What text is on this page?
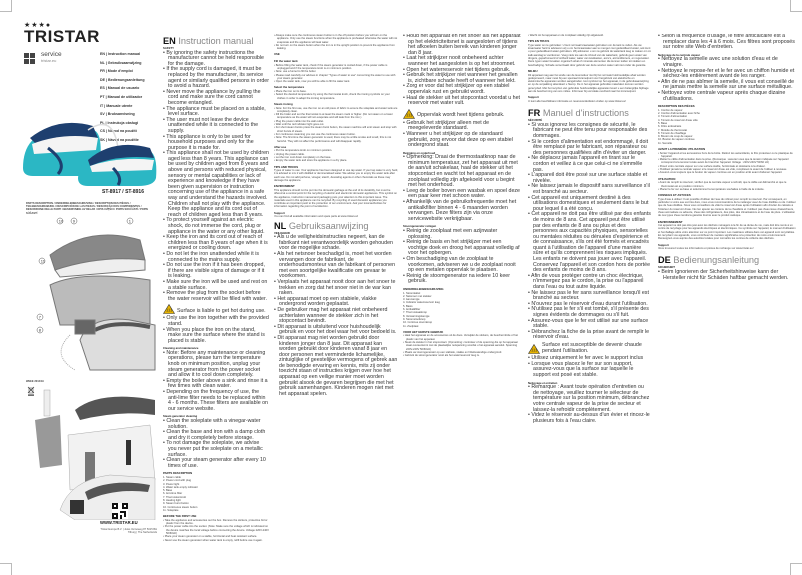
★★★●
TRISTAR
service
tristar.eu
EN | Instruction manual
NL | Gebruiksaanwijzing
FR | Mode d'emploi
DE | Bedienungsanleitung
ES | Manual de usuario
PT | Manual de utilizador
IT | Manuale utente
SV | Bruksanvisning
PL | Instrukcja obsługi
CS | Návod na použití
SK | Návod na použitie
ST-8917 / ST-8916
PARTS DESCRIPTION / ONDERDELENBESCHRIJVING / DESCRIPTION DES PIÈCES / TEILEBESCHREIBUNG / DESCRIPCIÓN DE LAS PIEZAS / DESCRIÇÃO DOS COMPONENTES / DESCRIZIONE DELLE PARTI / BESKRIVNING AV DELAR / OPIS CZĘŚCI / POPIS SOUČÁSTÍ / POPIS SÚČASTÍ
10 9	1
11
7
8
WEEE 2012/19
WWW.TRISTAR.EU
Tristar Europe B.V. | Jules Verneweg 87 5015 BH Tilburg | The Netherlands
EN Instruction manual
SAFETY
• By ignoring the safety instructions the manufacturer cannot be held responsible for the damage.
• If the supply cord is damaged, it must be replaced by the manufacturer, its service agent or similarly qualified persons in order to avoid a hazard.
• Never move the appliance by pulling the cord and make sure the cord cannot become entangled.
• The appliance must be placed on a stable, level surface.
• The user must not leave the device unattended while it is connected to the supply.
• This appliance is only to be used for household purposes and only for the purpose it is made for.
• This appliance shall not be used by children aged less than 8 years. This appliance can be used by children aged from 8 years and above and persons with reduced physical, sensory or mental capabilities or lack of experience and knowledge if they have been given supervision or instruction concerning use of the appliance in a safe way and understand the hazards involved. Children shall not play with the appliance. Keep the appliance and its cord out of reach of children aged less than 8 years.
• To protect yourself against an electric shock, do not immerse the cord, plug or appliance in the water or any other liquid.
• Keep the iron and its cord out of reach of children less than 8 years of age when it is energized or cooling down.
• Do not let the iron unattended while it is connected to the mains supply.
• Do not use the iron if it has been dropped, if there are visible signs of damage or if it is leaking.
• Make sure the iron will be used and rest on a stable surface.
• Remove the plug from the socket before the water reservoir will be filled with water.
Surface is liable to get hot during use.
• Only use the iron together with the provided stand.
• When you place the iron on the stand, make sure the surface where the stand is placed is stable.
Cleaning and maintenance
• Note: Before any maintenance or cleaning operations, please turn the temperature knob on minimum position, unplug your steam generator from the power socket and allow it to cool down completely.
• Empty the boiler above a sink and rinse it a few times with clean water.
• Depending on the frequency of use, the anti-lime filter needs to be replaced within 4 - 6 months. These filters are available on our service website.
Steam generator cleaning
• Clean the soleplate with a vinegar-water solution.
• Clean the base and iron with a damp cloth and dry it completely before storage.
• To not damage the soleplate, we advise you never put the soleplate on a metallic surface.
• Clean your steam generator after every 10 times of use.
PARTS DESCRIPTION
1. Steam cable
2. Power cord with plug
3. Power light
4. Water tank empty indicator
5. Base
6. Anti-lime filter
7. Thermostat knob
8. Heating light
9. Steam burst button
10. Continuous steam button
11. Soleplate
BEFORE THE FIRST USE
• Take the appliance and accessories out the box. Remove the stickers, protective foil or plastic from the device.
• Put the power cable into the socket. (Note: Make sure the voltage which is indicated on the device matches the local voltage before connecting the device. Voltage 220V-240V 50/60Hz)
• Place your steam generator on a stable, horizontal and heat resistant surface.
• Never use the steam generator when water tank is empty, refill before use it again.
• Always make sure the continuous steam button is in the off position before you will turn on the appliance. Only use the steam functions when the appliance is preheated otherwise the water will not evaporate and the appliance will leak water.
• Do not turn on the steam button when the iron is in the upright position to prevent the appliance from leaking.
USE
Fill the water tank
• Before filling the water tank, check if the steam generator is cooled down, if the power cable is unplugged and if the temperature knob is on minimum position.
• Note: use a funnel to fill the boiler.
• Please read carefully our advises in chapter "Types of water to use" concerning the water to use with your steam generator.
• Open the water tank, now you will be able to fill the water tank.
Select the temperature
• Place the iron on its base.
• Select the desired temperature by using the thermostat knob, check the ironing symbols on your clothes in order to adapt the ironing temperature.
Steam ironing
• Note: For the first use, use the iron on an old piece of fabric to ensure the soleplate and water tank are completely clean.
• Fill the boiler and set the thermostat to at least the steam mark or higher. (Do not steam on a lower temperature as the water will not evaporate and will leak from the iron.)
• Plug the power cable into the wall outlet.
• Wait until the red indicator light goes out.
• For short steam bursts press the steam burst button, the steam machine will emit steam and stop with short bursts of steam.
• For continuous steaming you can use the continuous steam button.
• Note: The first time the steam generator is used, there may be a little smoke and smell, this is not harmful. They will not affect the performance and will disappear rapidly.
After use
• Put the temperature knob on minimum position.
• Unplug the power cable.
• Let the iron cool down completely on the base.
• Empty the water tank and store the appliance in a dry place.
TIPS AND TRICKS
Types of water to use: Your appliance has been designed to use tap water. If your tap water is very hard, it is advised to mix it with distilled or demineralised water. We advise you to empty the water tank after each use. Do not add perfume, vinegar, starch, descaling agents or other chemicals as these may damage the appliance.
ENVIRONMENT
This appliance should not be put into the domestic garbage at the end of its durability, but must be offered at a central point for the recycling of electric and electronic domestic appliances. This symbol on the appliance, instruction manual and packaging puts your attention to this important issue. The materials used in this appliance can be recycled. By recycling of used domestic appliances you contribute an important push to the protection of our environment. Ask your local authorities for information regarding the point of recollection.
Support
You can find all available information and spare parts at www.tristar.eu!
NL Gebruiksaanwijzing
VEILIGHEID
• Als u de veiligheidsinstructies negeert, kan de fabrikant niet verantwoordelijk worden gehouden voor de mogelijke schade.
• Als het netsnoer beschadigd is, moet het worden vervangen door de fabrikant, de onderhoudsmonteur van de fabrikant of personen met een soortgelijke kwalificatie om gevaar te voorkomen.
• Verplaats het apparaat nooit door aan het snoer te trekken en zorg dat het snoer niet in de war kan raken.
• Het apparaat moet op een stabiele, vlakke ondergrond worden geplaatst.
• De gebruiker mag het apparaat niet onbeheerd achterlaten wanneer de stekker zich in het stopcontact bevindt.
• Dit apparaat is uitsluitend voor huishoudelijk gebruik en voor het doel waar het voor bedoeld is.
• Dit apparaat mag niet worden gebruikt door kinderen jonger dan 8 jaar. Dit apparaat kan worden gebruikt door kinderen vanaf 8 jaar en door personen met verminderde lichamelijke, zintuiglijke of geestelijke vermogens of gebrek aan de benodigde ervaring en kennis, mits zij onder toezicht staan of instructies krijgen over hoe het apparaat op een veilige manier moet worden gebruikt alsook de gevaren begrijpen die met het gebruik samenhangen. Kinderen mogen niet met het apparaat spelen.
• Houd het apparaat en het snoer als het apparaat op het elektriciteitsnet is aangesloten of tijdens het afkoelen buiten bereik van kinderen jonger dan 8 jaar.
• Laat het strijkijzer nooit onbeheerd achter wanneer het aangesloten is op het stroomnet.
• Open het waterreservoir niet tijdens gebruik.
• Gebruik het strijkijzer niet wanneer het gevallen is, zichtbare schade heeft of wanneer het lekt.
• Zorg er voor dat het strijkijzer op een stabiel oppervlak rust en gebruikt wordt.
• Haal de stekker uit het stopcontact voordat u het reservoir met water vult.
Oppervlak wordt heet tijdens gebruik.
• Gebruik het strijkijzer alleen met de meegeleverde standaard.
• Wanneer u het strijkijzer op de standaard gebruikt, zorg ervoor dat deze op een stabiel ondergrond staat.
Reiniging en onderhoud
• Opmerking: Draai de thermostaatknop naar de minimum temperatuur, zet het apparaat uit met de aan/uit schakelaar, haal de stekker uit het stopcontact en wacht tot het apparaat en de zoolplaat volledig zijn afgekoeld voor u begint met het onderhoud.
• Leeg de boiler boven een wasbak en spoel deze een paar keer met schoon water.
• Afhankelijk van de gebruiksfrequentie moet het antikalkfilter binnen 4 - 6 maanden worden vervangen. Deze filters zijn via onze servicewebsite verkrijgbaar.
Stoomgenerator reinigen
• Reinig de zoolplaat met een azijnwater oplossing.
• Reinig de basis en het strijkijzer met een vochtige doek en droog het apparaat volledig af voor het opbergen.
• Om beschadiging van de zoolplaat te voorkomen, adviseren we u de zoolplaat nooit op een metalen oppervlak te plaatsen.
• Reinig de stoomgenerator na iedere 10 keer gebruik.
ONDERDELENBESCHRIJVING
1. Stoomkabel
2. Netsnoer met stekker
3. Aan-lampje
4. Indicator waterreservoir leeg
5. Basis
6. Antikalkfilter
7. Thermostaatknop
8. Verwarmingslampje
9. Stoomstootknop
10. Continue stoomknop
11. Zoolplaat
VOOR HET EERSTE GEBRUIK
• Haal het apparaat en de accessoires uit de doos. Verwijder de stickers, de beschermfolie of het plastic van het apparaat.
• Steek de stekker in het stopcontact. (Opmerking: controleer of de spanning die op het apparaat staat overeenkomt met de plaatselijke netspanning voordat u het apparaat aansluit. Spanning 220V-240V 50/60Hz)
• Plaats uw stoomgenerator op een stabiele, vlakke en hittebestendige ondergrond.
• Gebruik de stoomgenerator nooit als het waterreservoir leeg is.
• Wacht tot het apparaat en de zoolplaat volledig zijn afgekoeld.
TIPS EN TRUCS
Type water om te gebruiken: U kunt normaal kraanwater gebruiken om de tank te vullen. Als uw kraanwater hard is adviseren wij u om het kraanwater aan te mengen met gedestilleerd water, ook kunt u puur gedestilleerd water gebruiken. Wij adviseren u om na gebruik de watertank leeg te maken om zo kalk aanslag te voorkomen. Voeg niets toe aan de inhoud van de watertank, gebruik geen water van drogers, geparfumeerd of onthard water, water van koelkasten, accu's, airconditioners, en regenwater. Deze typen water bevatten organisch afval of minerale elementen die kunnen leiden tot vlekken en beschadiging. Schade veroorzaakt door gebruik van deze soorten water valt niet onder de garantie.
MILIEU
Dit apparaat mag aan het einde van de levensduur niet bij het normale huishoudelijke afval worden gedeponeerd, maar moet bij een speciaal inzamelpunt voor hergebruik van elektrische en elektronische apparaten worden aangeboden. Het symbool op het apparaat, in de gebruiksaanwijzing en op de verpakking attendeert u hierop. De in het apparaat gebruikte materialen kunnen worden gerecycled. Met het recyclen van gebruikte huishoudelijke apparaten levert u een belangrijke bijdrage aan de bescherming van ons milieu. Informeer bij uw lokale overheid naar het inzamelpunt.
Support
U kunt alle beschikbare informatie en reserveonderdelen vinden op www.tristar.eu!
FR Manuel d'instructions
SÉCURITÉ
• Si vous ignorez les consignes de sécurité, le fabricant ne peut être tenu pour responsable des dommages.
• Si le cordon d'alimentation est endommagé, il doit être remplacé par le fabricant, son réparateur ou des personnes qualifiées afin d'éviter un danger.
• Ne déplacez jamais l'appareil en tirant sur le cordon et veillez à ce que celui-ci ne s'emmêle pas.
• L'appareil doit être posé sur une surface stable et nivelée.
• Ne laissez jamais le dispositif sans surveillance s'il est branché au secteur.
• Cet appareil est uniquement destiné à des utilisations domestiques et seulement dans le but pour lequel il a été conçu.
• Cet appareil ne doit pas être utilisé par des enfants de moins de 8 ans. Cet appareil peut être utilisé par des enfants de 8 ans ou plus et des personnes aux capacités physiques, sensorielles ou mentales réduites ou dénuées d'expérience et de connaissance, s'ils ont été formés et encadrés quant à l'utilisation de l'appareil d'une manière sûre et qu'ils comprennent les risques impliqués. Les enfants ne doivent pas jouer avec l'appareil. Conservez l'appareil et son cordon hors de portée des enfants de moins de 8 ans.
• Afin de vous protéger contre un choc électrique, n'immergez pas le cordon, la prise ou l'appareil dans l'eau ou tout autre liquide.
• Ne laissez pas le fer sans surveillance lorsqu'il est branché au secteur.
• N'ouvrez pas le réservoir d'eau durant l'utilisation.
• N'utilisez pas le fer s'il est tombé, s'il présente des signes évidents de dommages ou s'il fuit.
• Assurez-vous que le fer est utilisé sur une surface stable.
• Débranchez la fiche de la prise avant de remplir le réservoir d'eau.
Surface est susceptible de devenir chaude pendant l'utilisation.
• Utilisez uniquement le fer avec le support inclus
• Lorsque vous placez le fer sur son support, assurez-vous que la surface sur laquelle le support est posé est stable.
Nettoyage et entretien
• Remarque : Avant toute opération d'entretien ou de nettoyage, veuillez tourner le sélecteur de température sur la position minimum, débranchez votre centrale vapeur de la prise de secteur et laissez-la refroidir complètement.
• Videz le réservoir au-dessus d'un évier et rincez-le plusieurs fois à l'eau claire.
• Selon la fréquence d'usage, le filtre anticalcaire est à remplacer dans les 4 à 6 mois. Ces filtres sont proposés sur notre site Web d'entretien.
Nettoyage de la centrale vapeur
• Nettoyez la semelle avec une solution d'eau et de vinaigre.
• Nettoyez le repose-fer et le fer avec un chiffon humide et séchez-les entièrement avant de les ranger.
• Afin de ne pas abîmer la semelle, il vous est conseillé de ne jamais mettre la semelle sur une surface métallique.
• Nettoyez votre centrale vapeur après chaque dizaine d'utilisations.
DESCRIPTION DES PIÈCES
1. Cordon de vapeur
2. Cordon d'alimentation avec fiche
3. Témoin d'alimentation
4. Témoin de réservoir d'eau vide
5. Base
6. Filtre anticalcaire
7. Molette de thermostat
8. Témoin de chauffage
9. Bouton de coup de vapeur
10. Bouton de vapeur continue
11. Semelle
AVANT LA PREMIÈRE UTILISATION
• Sortez l'appareil et les accessoires hors de la boîte. Retirez les autocollants, le film protecteur ou le plastique de l'appareil.
• Mettez le câble d'alimentation dans la prise. (Remarque : assurez-vous que la tension indiquée sur l'appareil correspond à la tension locale avant de brancher l'appareil. Voltage : 220V-240V 50/60 Hz)
• Posez votre centrale vapeur sur une surface stable, horizontale et résistante à la chaleur.
• N'utilisez jamais la centrale vapeur si le réservoir d'eau est vide, remplissez-le avant de l'utiliser à nouveau.
• Assurez-vous toujours que le bouton de vapeur continue est en position arrêt avant d'allumer l'appareil.
UTILISATION
• Avant de remplir le réservoir, vérifiez que la centrale vapeur a refroidi, que le câble est débranché et que le thermostat est en position minimum.
• Placez le fer sur sa base et sélectionnez la température souhaitée à l'aide de la molette.
CONSEILS ET ASTUCES
Type d'eau à utiliser: Il est possible d'utiliser de l'eau du robinet pour remplir le réservoir. Par conséquent, en particulier si votre eau est très dure, nous vous recommandons de la mélanger avec de l'eau distillée ou de n'utiliser que de l'eau distillée. Nous vous conseillons de vider le réservoir d'eau après l'utilisation afin d'éviter du calcaire à l'intérieur du réservoir d'eau. Ne rien ajouter au contenu de la chaudière et n'utilisez pas d'eau issue d'assécheurs, d'eau aromatisée ou adoucie, d'eau des réfrigérateurs, des piles, des climatisations et de l'eau de pluie. L'utilisation de ces types d'eau rendra la garantie fournie avec le produit caduque.
ENVIRONNEMENT
Cet appareil ne doit pas être jeté avec les déchets ménagers à la fin de sa durée de vie, mais doit être remis à un centre de recyclage pour les appareils électriques et électroniques. Ce symbole sur l'appareil, le manuel d'utilisation et l'emballage attire votre attention sur ce point important. Les matériaux utilisés dans cet appareil sont recyclables. En recyclant vos appareils, vous contribuez de manière significative à la protection de notre environnement. Renseignez-vous auprès des autorités locales pour connaître les centres de collecte des déchets.
Support
Vous trouverez toutes les informations et pièces de rechange sur www.tristar.eu !
DE Bedienungsanleitung
SICHERHEIT
• Beim Ignorieren der Sicherheitshinweise kann der Hersteller nicht für Schäden haftbar gemacht werden.
